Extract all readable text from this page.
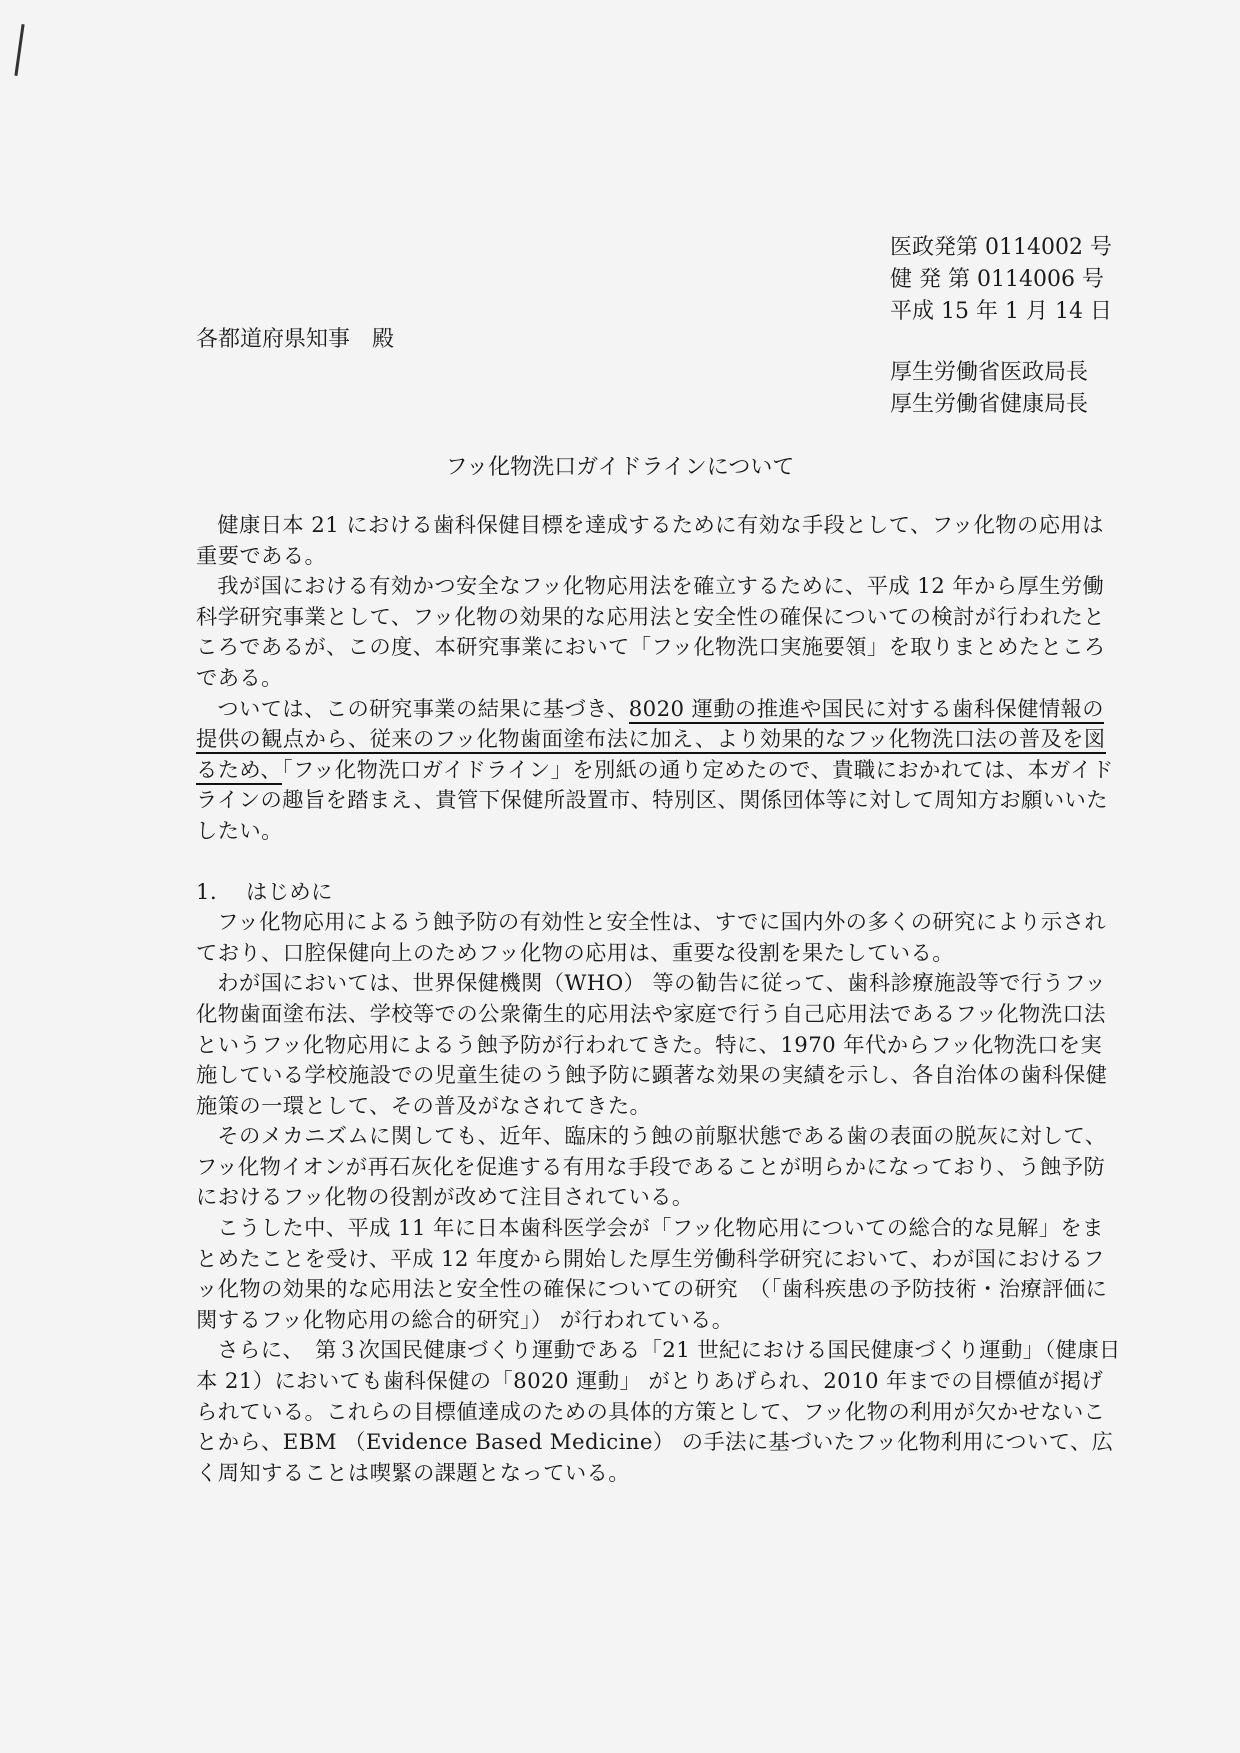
医政発第 0114002 号
健 発 第 0114006 号
平成 15 年 1 月 14 日
各都道府県知事　殿
厚生労働省医政局長
厚生労働省健康局長
フッ化物洗口ガイドラインについて

健康日本 21 における歯科保健目標を達成するために有効な手段として、フッ化物の応用は重要である。

我が国における有効かつ安全なフッ化物応用法を確立するために、平成 12 年から厚生労働科学研究事業として、フッ化物の効果的な応用法と安全性の確保についての検討が行われたところであるが、この度、本研究事業において「フッ化物洗口実施要領」を取りまとめたところである。

ついては、この研究事業の結果に基づき、8020 運動の推進や国民に対する歯科保健情報の提供の観点から、従来のフッ化物歯面塗布法に加え、より効果的なフッ化物洗口法の普及を図るため、「フッ化物洗口ガイドライン」を別紙の通り定めたので、貴職におかれては、本ガイドラインの趣旨を踏まえ、貴管下保健所設置市、特別区、関係団体等に対して周知方お願いいたしたい。

1． はじめに

フッ化物応用によるう蝕予防の有効性と安全性は、すでに国内外の多くの研究により示されており、口腔保健向上のためフッ化物の応用は、重要な役割を果たしている。

わが国においては、世界保健機関（WHO） 等の勧告に従って、歯科診療施設等で行うフッ化物歯面塗布法、学校等での公衆衛生的応用法や家庭で行う自己応用法であるフッ化物洗口法というフッ化物応用によるう蝕予防が行われてきた。特に、1970 年代からフッ化物洗口を実施している学校施設での児童生徒のう蝕予防に顕著な効果の実績を示し、各自治体の歯科保健施策の一環として、その普及がなされてきた。

そのメカニズムに関しても、近年、臨床的う蝕の前駆状態である歯の表面の脱灰に対して、フッ化物イオンが再石灰化を促進する有用な手段であることが明らかになっており、う蝕予防におけるフッ化物の役割が改めて注目されている。

こうした中、平成 11 年に日本歯科医学会が「フッ化物応用についての総合的な見解」をまとめたことを受け、平成 12 年度から開始した厚生労働科学研究において、わが国におけるフッ化物の効果的な応用法と安全性の確保についての研究　（「歯科疾患の予防技術・治療評価に関するフッ化物応用の総合的研究」） が行われている。

さらに、　第３次国民健康づくり運動である「21 世紀における国民健康づくり運動」（健康日本 21）においても歯科保健の「8020 運動」 がとりあげられ、2010 年までの目標値が掲げられている。これらの目標値達成のための具体的方策として、フッ化物の利用が欠かせないことから、EBM （Evidence Based Medicine） の手法に基づいたフッ化物利用について、広く周知することは喫緊の課題となっている。
